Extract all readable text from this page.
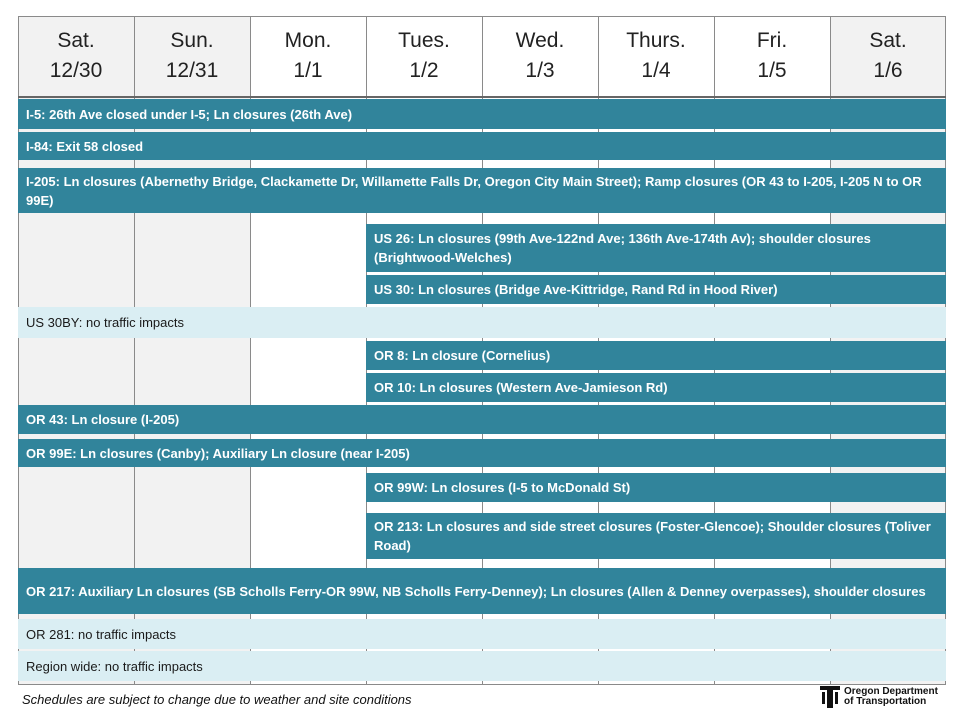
Sat.
12/30
Sun.
12/31
Mon.
1/1
Tues.
1/2
Wed.
1/3
Thurs.
1/4
Fri.
1/5
Sat.
1/6
I-5: 26th Ave closed under I-5; Ln closures (26th Ave)
I-84: Exit 58 closed
I-205: Ln closures (Abernethy Bridge, Clackamette Dr, Willamette Falls Dr, Oregon City Main Street); Ramp closures (OR 43 to I-205, I-205 N to OR 99E)
US 26: Ln closures (99th Ave-122nd Ave; 136th Ave-174th Av); shoulder closures (Brightwood-Welches)
US 30: Ln closures (Bridge Ave-Kittridge, Rand Rd in Hood River)
US 30BY: no traffic impacts
OR 8: Ln closure (Cornelius)
OR 10: Ln closures (Western Ave-Jamieson Rd)
OR 43: Ln closure (I-205)
OR 99E: Ln closures (Canby); Auxiliary Ln closure (near I-205)
OR 99W: Ln closures (I-5 to McDonald St)
OR 213: Ln closures and side street closures (Foster-Glencoe); Shoulder closures (Toliver Road)
OR 217: Auxiliary Ln closures (SB Scholls Ferry-OR 99W, NB Scholls Ferry-Denney); Ln closures (Allen & Denney overpasses), shoulder closures
OR 281: no traffic impacts
Region wide: no traffic impacts
Schedules are subject to change due to weather and site conditions
Oregon Department
of Transportation
